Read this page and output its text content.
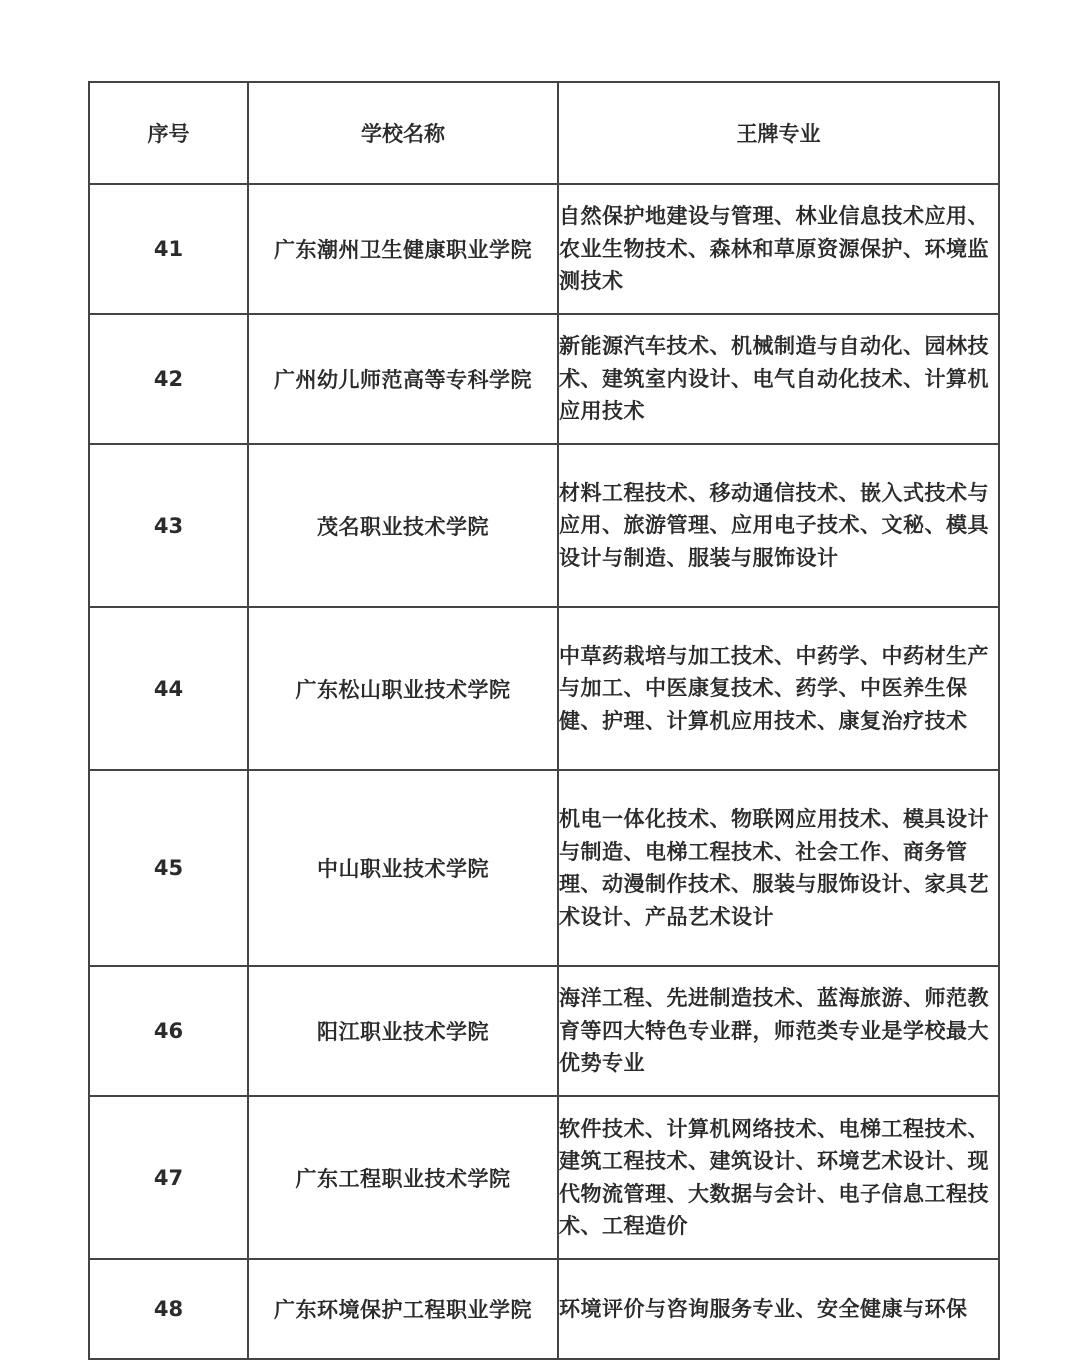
序号	学校名称	王牌专业
41	广东潮州卫生健康职业学院	自然保护地建设与管理、林业信息技术应用、农业生物技术、森林和草原资源保护、环境监测技术
42	广州幼儿师范高等专科学院	新能源汽车技术、机械制造与自动化、园林技术、建筑室内设计、电气自动化技术、计算机应用技术
43	茂名职业技术学院	材料工程技术、移动通信技术、嵌入式技术与应用、旅游管理、应用电子技术、文秘、模具设计与制造、服装与服饰设计
44	广东松山职业技术学院	中草药栽培与加工技术、中药学、中药材生产与加工、中医康复技术、药学、中医养生保健、护理、计算机应用技术、康复治疗技术
45	中山职业技术学院	机电一体化技术、物联网应用技术、模具设计与制造、电梯工程技术、社会工作、商务管理、动漫制作技术、服装与服饰设计、家具艺术设计、产品艺术设计
46	阳江职业技术学院	海洋工程、先进制造技术、蓝海旅游、师范教育等四大特色专业群，师范类专业是学校最大优势专业
47	广东工程职业技术学院	软件技术、计算机网络技术、电梯工程技术、建筑工程技术、建筑设计、环境艺术设计、现代物流管理、大数据与会计、电子信息工程技术、工程造价
48	广东环境保护工程职业学院	环境评价与咨询服务专业、安全健康与环保
